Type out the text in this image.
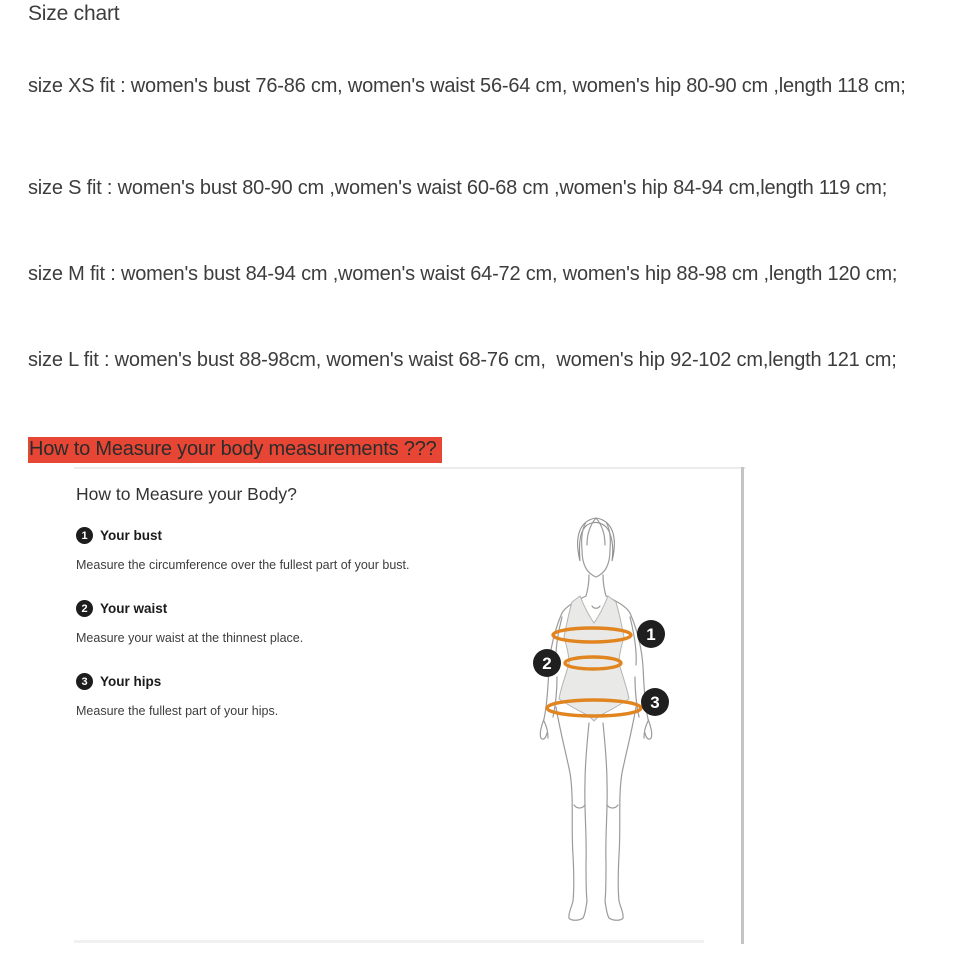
Size chart

size XS fit : women's bust 76-86 cm, women's waist 56-64 cm, women's hip 80-90 cm ,length 118 cm;

size S fit : women's bust 80-90 cm ,women's waist 60-68 cm ,women's hip 84-94 cm,length 119 cm;

size M fit : women's bust 84-94 cm ,women's waist 64-72 cm, women's hip 88-98 cm ,length 120 cm;

size L fit : women's bust 88-98cm, women's waist 68-76 cm,  women's hip 92-102 cm,length 121 cm;

How to Measure your body measurements ???
How to Measure your Body?
1 Your bust
Measure the circumference over the fullest part of your bust.
2 Your waist
Measure your waist at the thinnest place.
3 Your hips
Measure the fullest part of your hips.
1
2
3
